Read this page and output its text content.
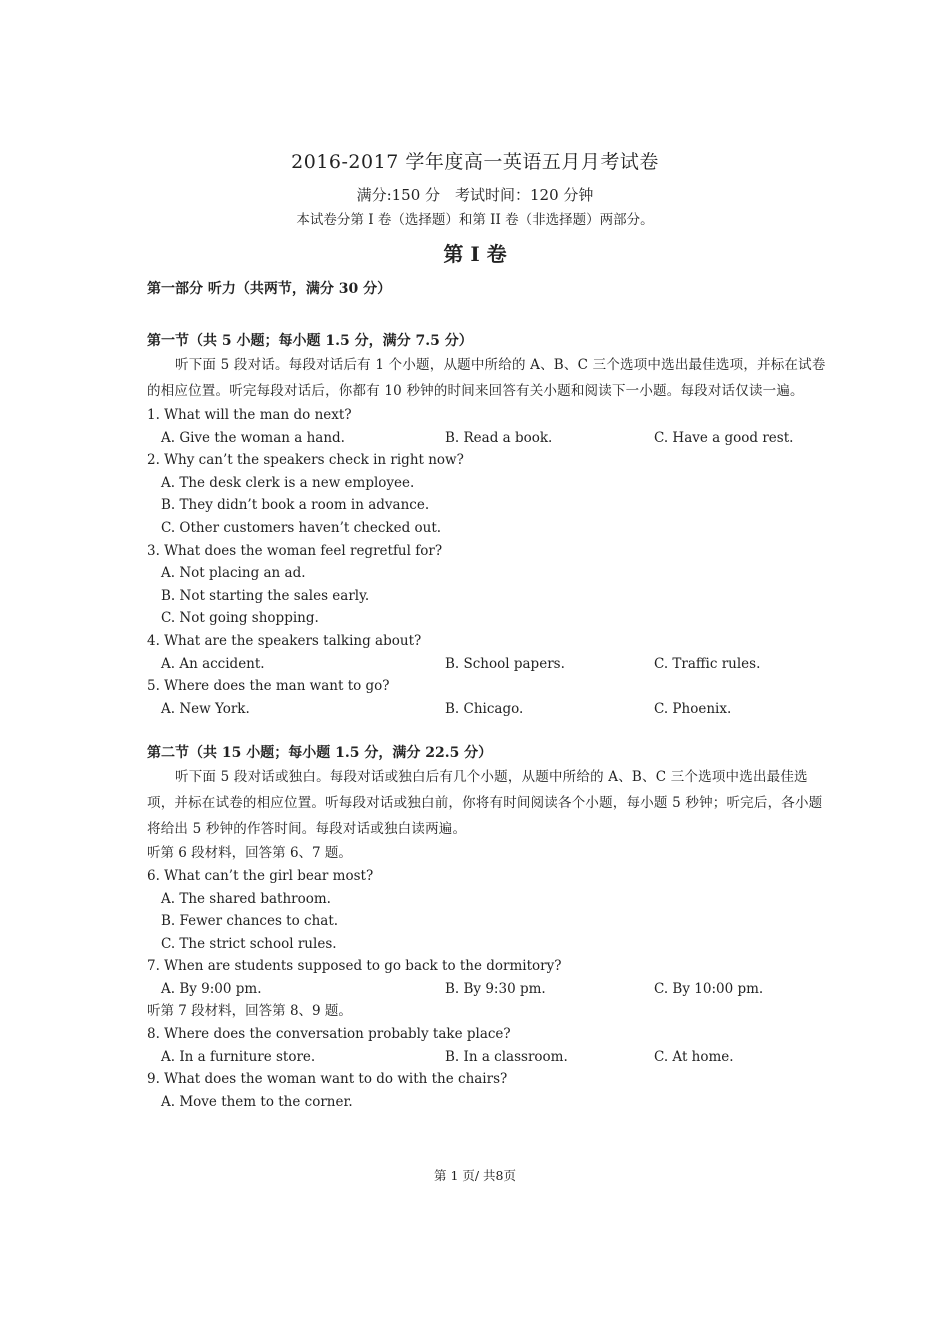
2016-2017 学年度高一英语五月月考试卷
满分:150 分　考试时间：120 分钟
本试卷分第 I 卷（选择题）和第 II 卷（非选择题）两部分。
第 I 卷
第一部分 听力（共两节，满分 30 分）
第一节（共 5 小题；每小题 1.5 分，满分 7.5 分）
听下面 5 段对话。每段对话后有 1 个小题，从题中所给的 A、B、C 三个选项中选出最佳选项，并标在试卷的相应位置。听完每段对话后，你都有 10 秒钟的时间来回答有关小题和阅读下一小题。每段对话仅读一遍。
1. What will the man do next?
A. Give the woman a hand.	B. Read a book.	C. Have a good rest.
2. Why can’t the speakers check in right now?
A. The desk clerk is a new employee.
B. They didn’t book a room in advance.
C. Other customers haven’t checked out.
3. What does the woman feel regretful for?
A. Not placing an ad.
B. Not starting the sales early.
C. Not going shopping.
4. What are the speakers talking about?
A. An accident.	B. School papers.	C. Traffic rules.
5. Where does the man want to go?
A. New York.	B. Chicago.	C. Phoenix.
第二节（共 15 小题；每小题 1.5 分，满分 22.5 分）
听下面 5 段对话或独白。每段对话或独白后有几个小题，从题中所给的 A、B、C 三个选项中选出最佳选项，并标在试卷的相应位置。听每段对话或独白前，你将有时间阅读各个小题，每小题 5 秒钟；听完后，各小题将给出 5 秒钟的作答时间。每段对话或独白读两遍。
听第 6 段材料，回答第 6、7 题。
6. What can’t the girl bear most?
A. The shared bathroom.
B. Fewer chances to chat.
C. The strict school rules.
7. When are students supposed to go back to the dormitory?
A. By 9:00 pm.	B. By 9:30 pm.	C. By 10:00 pm.
听第 7 段材料，回答第 8、9 题。
8. Where does the conversation probably take place?
A. In a furniture store.	B. In a classroom.	C. At home.
9. What does the woman want to do with the chairs?
A. Move them to the corner.
第 1 页/ 共8页
